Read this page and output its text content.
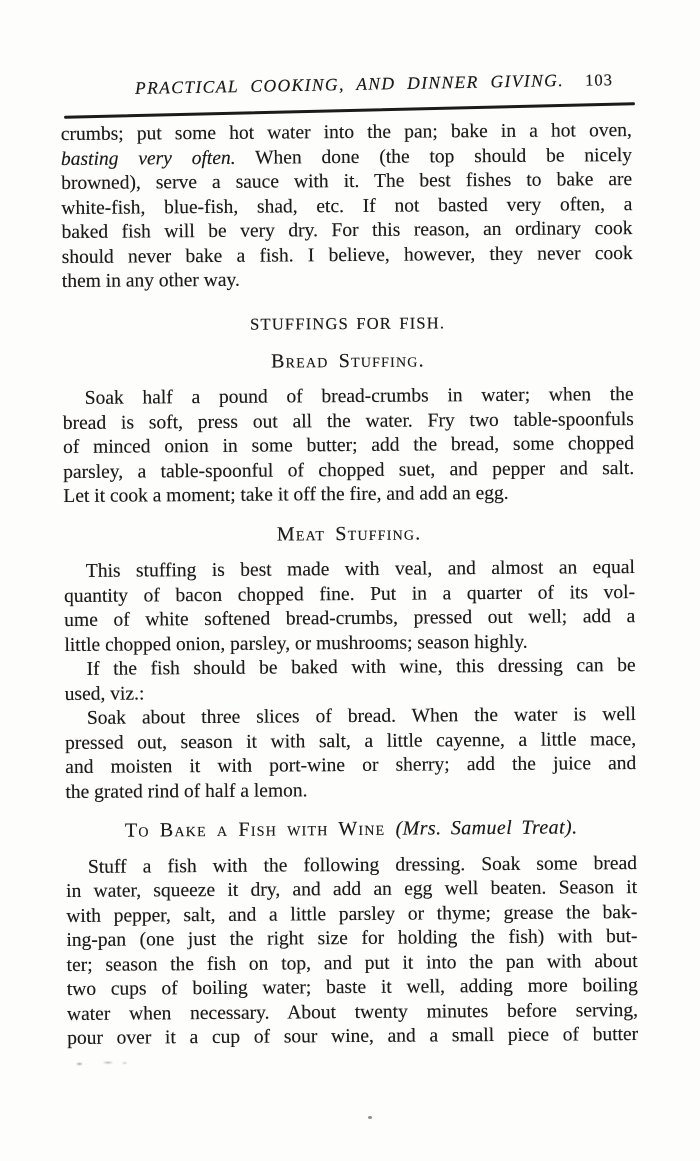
PRACTICAL COOKING, AND DINNER GIVING. 103
crumbs; put some hot water into the pan; bake in a hot oven,
basting very often. When done (the top should be nicely
browned), serve a sauce with it. The best fishes to bake are
white-fish, blue-fish, shad, etc. If not basted very often, a
baked fish will be very dry. For this reason, an ordinary cook
should never bake a fish. I believe, however, they never cook
them in any other way.
STUFFINGS FOR FISH.
Bread Stuffing.
Soak half a pound of bread-crumbs in water; when the
bread is soft, press out all the water. Fry two table-spoonfuls
of minced onion in some butter; add the bread, some chopped
parsley, a table-spoonful of chopped suet, and pepper and salt.
Let it cook a moment; take it off the fire, and add an egg.
Meat Stuffing.
This stuffing is best made with veal, and almost an equal
quantity of bacon chopped fine. Put in a quarter of its vol-
ume of white softened bread-crumbs, pressed out well; add a
little chopped onion, parsley, or mushrooms; season highly.
If the fish should be baked with wine, this dressing can be
used, viz.:
Soak about three slices of bread. When the water is well
pressed out, season it with salt, a little cayenne, a little mace,
and moisten it with port-wine or sherry; add the juice and
the grated rind of half a lemon.
To Bake a Fish with Wine (Mrs. Samuel Treat).
Stuff a fish with the following dressing. Soak some bread
in water, squeeze it dry, and add an egg well beaten. Season it
with pepper, salt, and a little parsley or thyme; grease the bak-
ing-pan (one just the right size for holding the fish) with but-
ter; season the fish on top, and put it into the pan with about
two cups of boiling water; baste it well, adding more boiling
water when necessary. About twenty minutes before serving,
pour over it a cup of sour wine, and a small piece of butter
